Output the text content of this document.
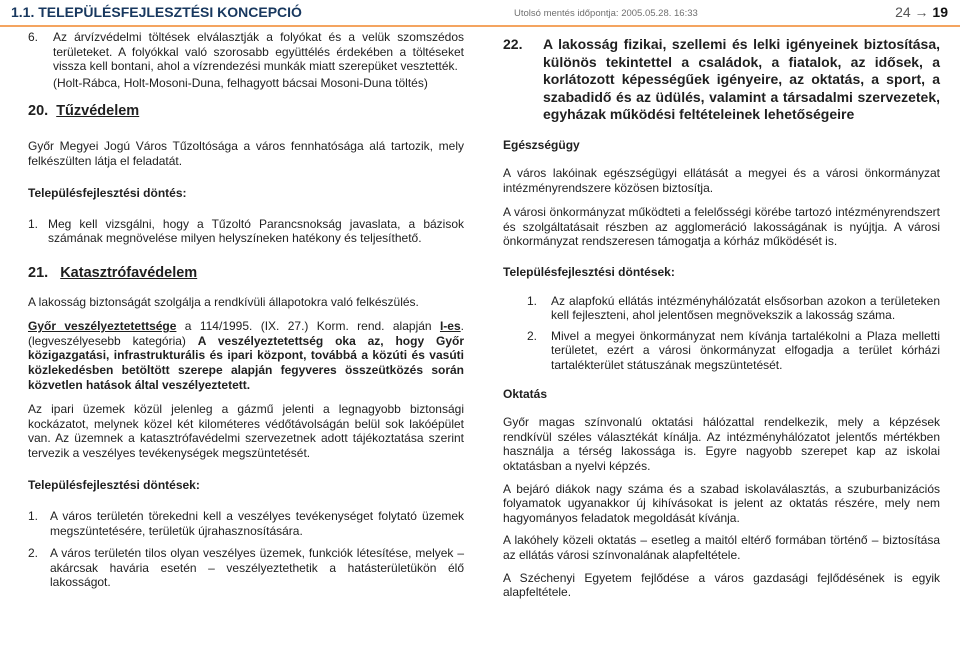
1.1. TELEPÜLÉSFEJLESZTÉSI KONCEPCIÓ	Utolsó mentés időpontja: 2005.05.28. 16:33	24 → 19
6.	Az árvízvédelmi töltések elválasztják a folyókat és a velük szomszédos területeket. A folyókkal való szorosabb együttélés érdekében a töltéseket vissza kell bontani, ahol a vízrendezési munkák miatt szerepüket vesztették.

(Holt-Rábca, Holt-Mosoni-Duna, felhagyott bácsai Mosoni-Duna töltés)

20. Tűzvédelem

Győr Megyei Jogú Város Tűzoltósága a város fennhatósága alá tartozik, mely felkészülten látja el feladatát.

Településfejlesztési döntés:
1. Meg kell vizsgálni, hogy a Tűzoltó Parancsnokság javaslata, a bázisok számának megnövelése milyen helyszíneken hatékony és teljesíthető.
21. Katasztrófavédelem

A lakosság biztonságát szolgálja a rendkívüli állapotokra való felkészülés.

Győr veszélyeztetettsége a 114/1995. (IX. 27.) Korm. rend. alapján I-es. (legveszélyesebb kategória) A veszélyeztetettség oka az, hogy Győr közigazgatási, infrastrukturális és ipari központ, továbbá a közúti és vasúti közlekedésben betöltött szerepe alapján fegyveres összeütközés során közvetlen hatások által veszélyeztetett.

Az ipari üzemek közül jelenleg a gázmű jelenti a legnagyobb biztonsági kockázatot, melynek közel két kilométeres védőtávolságán belül sok lakóépület van. Az üzemnek a katasztrófavédelmi szervezetnek adott tájékoztatása szerint tervezik a veszélyes tevékenységek megszüntetését.

Településfejlesztési döntések:
1. A város területén törekedni kell a veszélyes tevékenységet folytató üzemek megszüntetésére, területük újrahasznosítására.
2. A város területén tilos olyan veszélyes üzemek, funkciók létesítése, melyek – akárcsak havária esetén – veszélyeztethetik a hatásterületükön élő lakosságot.
22.	A lakosság fizikai, szellemi és lelki igényeinek biztosítása, különös tekintettel a családok, a fiatalok, az idősek, a korlátozott képességűek igényeire, az oktatás, a sport, a szabadidő és az üdülés, valamint a társadalmi szervezetek, egyházak működési feltételeinek lehetőségeire
Egészségügy

A város lakóinak egészségügyi ellátását a megyei és a városi önkormányzat intézményrendszere közösen biztosítja.

A városi önkormányzat működteti a felelősségi körébe tartozó intézményrendszert és szolgáltatásait részben az agglomeráció lakosságának is nyújtja. A városi önkormányzat rendszeresen támogatja a kórház működését is.

Településfejlesztési döntések:
1.	Az alapfokú ellátás intézményhálózatát elsősorban azokon a területeken kell fejleszteni, ahol jelentősen megnövekszik a lakosság száma.
2.	Mivel a megyei önkormányzat nem kívánja tartalékolni a Plaza melletti területet, ezért a városi önkormányzat elfogadja a terület kórházi tartalékterület státuszának megszüntetését.
Oktatás

Győr magas színvonalú oktatási hálózattal rendelkezik, mely a képzések rendkívül széles választékát kínálja. Az intézményhálózatot jelentős mértékben használja a térség lakossága is. Egyre nagyobb szerepet kap az iskolai oktatásban a nyelvi képzés.

A bejáró diákok nagy száma és a szabad iskolaválasztás, a szuburbanizációs folyamatok ugyanakkor új kihívásokat is jelent az oktatás részére, mely nem hagyományos feladatok megoldását kívánja.

A lakóhely közeli oktatás – esetleg a maitól eltérő formában történő – biztosítása az ellátás városi színvonalának alapfeltétele.

A Széchenyi Egyetem fejlődése a város gazdasági fejlődésének is egyik alapfeltétele.
